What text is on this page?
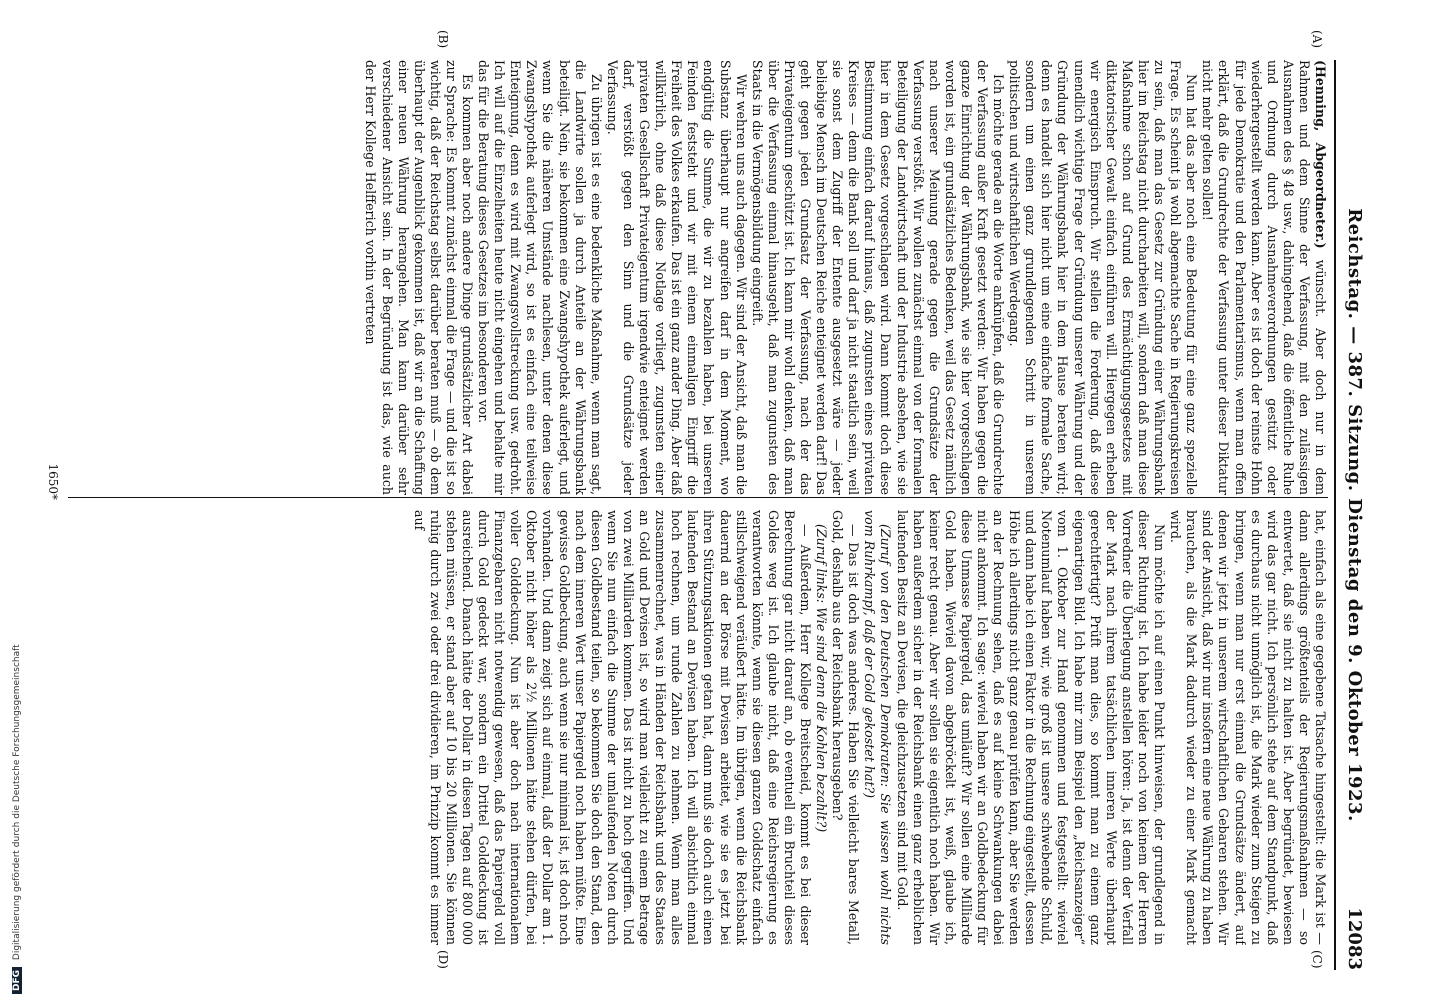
Reichstag. — 387. Sitzung. Dienstag den 9. Oktober 1923.
12083
(A)
(B)
(C)
(D)

(Henning, Abgeordneter.) wünscht. Aber doch nur in dem Rahmen und dem Sinne der Verfassung, mit den zulässigen Ausnahmen des § 48 usw., dahingehend, daß die öffentliche Ruhe und Ordnung durch Ausnahmeverordnungen gestützt oder wiederhergestellt werden kann. Aber es ist doch der reinste Hohn für jede Demokratie und den Parlamentarismus, wenn man offen erklärt, daß die Grundrechte der Verfassung unter dieser Diktatur nicht mehr gelten sollen!

Nun hat das aber noch eine Bedeutung für eine ganz spezielle Frage. Es scheint ja wohl abgemachte Sache in Regierungskreisen zu sein, daß man das Gesetz zur Gründung einer Währungsbank hier im Reichstag nicht durcharbeiten will, sondern daß man diese Maßnahme schon auf Grund des Ermächtigungsgesetzes mit diktatorischer Gewalt einfach einführen will. Hiergegen erheben wir energisch Einspruch. Wir stellen die Forderung, daß diese unendlich wichtige Frage der Gründung unserer Währung und der Gründung der Währungsbank hier in dem Hause beraten wird; denn es handelt sich hier nicht um eine einfache formale Sache, sondern um einen ganz grundlegenden Schritt in unserem politischen und wirtschaftlichen Werdegang.

Ich möchte gerade an die Worte anknüpfen, daß die Grundrechte der Verfassung außer Kraft gesetzt werden: Wir haben gegen die ganze Einrichtung der Währungsbank, wie sie hier vorgeschlagen worden ist, ein grundsätzliches Bedenken, weil das Gesetz nämlich nach unserer Meinung gerade gegen die Grundsätze der Verfassung verstößt. Wir wollen zunächst einmal von der formalen Beteiligung der Landwirtschaft und der Industrie absehen, wie sie hier in dem Gesetz vorgeschlagen wird. Dann kommt doch diese Bestimmung einfach darauf hinaus, daß zugunsten eines privaten Kreises — denn die Bank soll und darf ja nicht staatlich sein, weil sie sonst dem Zugriff der Entente ausgesetzt wäre — jeder beliebige Mensch im Deutschen Reiche enteignet werden darf! Das geht gegen jeden Grundsatz der Verfassung, nach der das Privateigentum geschützt ist. Ich kann mir wohl denken, daß man über die Verfassung einmal hinausgeht, daß man zugunsten des Staats in die Vermögensbildung eingreift.

Wir wehren uns auch dagegen. Wir sind der Ansicht, daß man die Substanz überhaupt nur angreifen darf in dem Moment, wo endgültig die Summe, die wir zu bezahlen haben, bei unseren Feinden feststeht und wir mit einem einmaligen Eingriff die Freiheit des Volkes erkaufen. Das ist ein ganz ander Ding. Aber daß willkürlich, ohne daß diese Notlage vorliegt, zugunsten einer privaten Gesellschaft Privateigentum irgendwie enteignet werden darf, verstößt gegen den Sinn und die Grundsätze jeder Verfassung.

Zu übrigen ist es eine bedenkliche Maßnahme, wenn man sagt, die Landwirte sollen ja durch Anteile an der Währungsbank beteiligt. Nein, sie bekommen eine Zwangshypothek auferlegt, und wenn Sie die näheren Umstände nachlesen, unter denen diese Zwangshypothek auferlegt wird, so ist es einfach eine teilweise Enteignung, denn es wird mit Zwangsvollstreckung usw. gedroht. Ich will auf die Einzelheiten heute nicht eingehen und behalte mir das für die Beratung dieses Gesetzes im besonderen vor.

Es kommen aber noch andere Dinge grundsätzlicher Art dabei zur Sprache: Es kommt zunächst einmal die Frage — und die ist so wichtig, daß der Reichstag selbst darüber beraten muß — ob dem überhaupt der Augenblick gekommen ist, daß wir an die Schaffung einer neuen Währung herangehen. Man kann darüber sehr verschiedener Ansicht sein. In der Begründung ist das, wie auch der Herr Kollege Helfferich vorhin vertreten

hat, einfach als eine gegebene Tatsache hingestellt: die Mark ist — dann allerdings größtenteils der Regierungsmaßnahmen — so entwertet, daß sie nicht zu halten ist. Aber begründet, bewiesen wird das gar nicht. Ich persönlich stehe auf dem Standpunkt, daß es durchaus nicht unmöglich ist, die Mark wieder zum Steigen zu bringen, wenn man nur erst einmal die Grundsätze ändert, auf denen wir jetzt in unserem wirtschaftlichen Gebaren stehen. Wir sind der Ansicht, daß wir nur insofern eine neue Währung zu haben brauchen, als die Mark dadurch wieder zu einer Mark gemacht wird.

Nun möchte ich auf einen Punkt hinweisen, der grundlegend in dieser Richtung ist. Ich habe leider noch von keinem der Herren Vorredner die Überlegung anstellen hören: Ja, ist denn der Verfall der Mark nach ihrem tatsächlichen inneren Werte überhaupt gerechtfertigt? Prüft man dies, so kommt man zu einem ganz eigenartigen Bild. Ich habe mir zum Beispiel den „Reichsanzeiger“ vom 1. Oktober zur Hand genommen und festgestellt: wieviel Notenumlauf haben wir, wie groß ist unsere schwebende Schuld, und dann habe ich einen Faktor in die Rechnung eingestellt, dessen Höhe ich allerdings nicht ganz genau prüfen kann, aber Sie werden an der Rechnung sehen, daß es auf kleine Schwankungen dabei nicht ankommt. Ich sage: wieviel haben wir an Goldbedeckung für diese Unmasse Papiergeld, das umläuft? Wir sollen eine Milliarde Gold haben. Wieviel davon abgebröckelt ist, weiß, glaube ich, keiner recht genau. Aber wir sollen sie eigentlich noch haben. Wir haben außerdem sicher in der Reichsbank einen ganz erheblichen laufenden Besitz an Devisen, die gleichzusetzen sind mit Gold.

(Zuruf von den Deutschen Demokraten: Sie wissen wohl nichts vom Ruhrkampf, daß der Gold gekostet hat?)

— Das ist doch was anderes. Haben Sie vielleicht bares Metall, Gold, deshalb aus der Reichsbank herausgeben?

(Zuruf links: Wie sind denn die Kohlen bezahlt?)

— Außerdem, Herr Kollege Breitscheid, kommt es bei dieser Berechnung gar nicht darauf an, ob eventuell ein Bruchteil dieses Goldes weg ist. Ich glaube nicht, daß eine Reichsregierung es verantworten könnte, wenn sie diesen ganzen Goldschatz einfach stillschweigend veräußert hätte. Im übrigen, wenn die Reichsbank dauernd an der Börse mit Devisen arbeitet, wie sie es jetzt bei ihren Stützungsaktionen getan hat, dann muß sie doch auch einen laufenden Bestand an Devisen haben. Ich will absichtlich einmal hoch rechnen, um runde Zahlen zu nehmen. Wenn man alles zusammenrechnet, was in Händen der Reichsbank und des Staates an Gold und Devisen ist, so wird man vielleicht zu einem Betrage von zwei Milliarden kommen. Das ist nicht zu hoch gegriffen. Und wenn Sie nun einfach die Summe der umlaufenden Noten durch diesen Goldbestand teilen, so bekommen Sie doch den Stand, den nach dem inneren Wert unser Papiergeld noch haben müßte. Eine gewisse Goldbeckung, auch wenn sie nur minimal ist, ist doch noch vorhanden. Und dann zeigt sich auf einmal, daß der Dollar am 1. Oktober nicht höher als 2½ Millionen hätte stehen dürfen, bei voller Golddeckung. Nun ist aber doch nach internationalem Finanzgebaren nicht notwendig gewesen, daß das Papiergeld voll durch Gold gedeckt war, sondern ein Drittel Golddeckung ist ausreichend. Danach hätte der Dollar in diesen Tagen auf 800 000 stehen müssen, er stand aber auf 10 bis 20 Millionen. Sie können ruhig durch zwei oder drei dividieren, im Prinzip kommt es immer auf

1650*
DFG Digitalisierung gefördert durch die Deutsche Forschungsgemeinschaft
